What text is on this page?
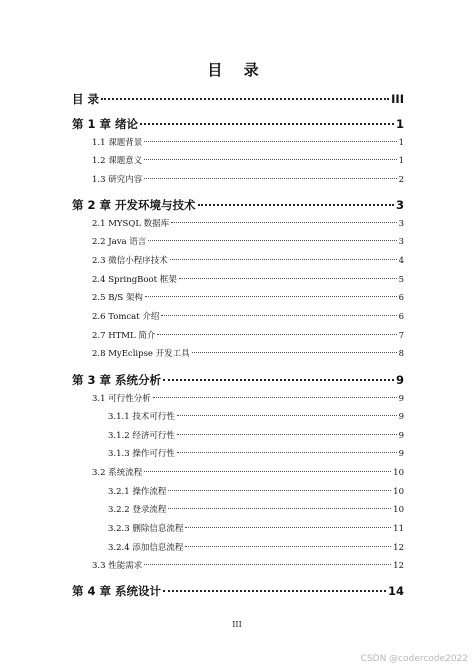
目 录
目 录	III
第 1 章 绪论	1
1.1 课题背景	1
1.2 课题意义	1
1.3 研究内容	2
第 2 章 开发环境与技术	3
2.1 MYSQL 数据库	3
2.2 Java 语言	3
2.3 微信小程序技术	4
2.4 SpringBoot 框架	5
2.5 B/S 架构	6
2.6 Tomcat 介绍	6
2.7 HTML 简介	7
2.8 MyEclipse 开发工具	8
第 3 章 系统分析	9
3.1 可行性分析	9
3.1.1 技术可行性	9
3.1.2 经济可行性	9
3.1.3 操作可行性	9
3.2 系统流程	10
3.2.1 操作流程	10
3.2.2 登录流程	10
3.2.3 删除信息流程	11
3.2.4 添加信息流程	12
3.3 性能需求	12
第 4 章 系统设计	14
III
CSDN @codercode2022
